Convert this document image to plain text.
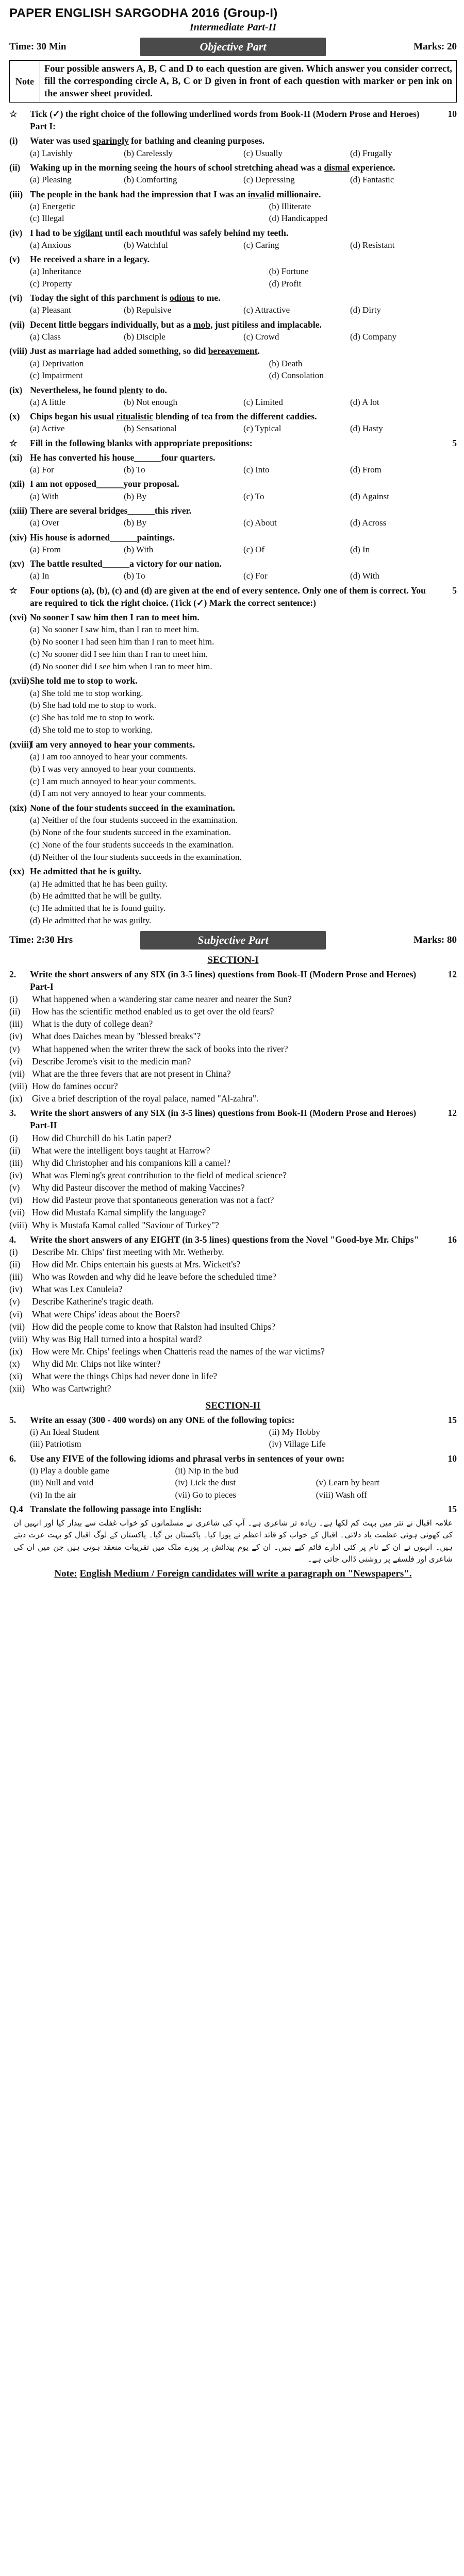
PAPER ENGLISH SARGODHA 2016 (Group-I)
Intermediate Part-II
Time: 30 Min	Objective Part	Marks: 20
Note
Four possible answers A, B, C and D to each question are given. Which answer you consider correct, fill the corresponding circle A, B, C or D given in front of each question with marker or pen ink on the answer sheet provided.
☆	Tick (✓) the right choice of the following underlined words from Book-II (Modern Prose and Heroes) Part I:
10
(i)	Water was used sparingly for bathing and cleaning purposes.
(a) Lavishly	(b) Carelessly	(c) Usually	(d) Frugally
(ii)	Waking up in the morning seeing the hours of school stretching ahead was a dismal experience.
(a) Pleasing	(b) Comforting	(c) Depressing	(d) Fantastic
(iii) The people in the bank had the impression that I was an invalid millionaire.
(a) Energetic	(b) Illiterate
(c) Illegal	(d) Handicapped
(iv) I had to be vigilant until each mouthful was safely behind my teeth.
(a) Anxious	(b) Watchful	(c) Caring	(d) Resistant
(v)	He received a share in a legacy.
(a) Inheritance	(b) Fortune
(c) Property	(d) Profit
(vi) Today the sight of this parchment is odious to me.
(a) Pleasant	(b) Repulsive	(c) Attractive	(d) Dirty
(vii) Decent little beggars individually, but as a mob, just pitiless and implacable.
(a) Class	(b) Disciple	(c) Crowd	(d) Company
(viii) Just as marriage had added something, so did bereavement.
(a) Deprivation	(b) Death
(c) Impairment	(d) Consolation
(ix) Nevertheless, he found plenty to do.
(a) A little	(b) Not enough	(c) Limited	(d) A lot
(x)	Chips began his usual ritualistic blending of tea from the different caddies.
(a) Active	(b) Sensational	(c) Typical	(d) Hasty
☆	Fill in the following blanks with appropriate prepositions:	5
(xi) He has converted his house______four quarters.
(a) For	(b) To	(c) Into	(d) From
(xii) I am not opposed______your proposal.
(a) With	(b) By	(c) To	(d) Against
(xiii) There are several bridges______this river.
(a) Over	(b) By	(c) About	(d) Across
(xiv) His house is adorned______paintings.
(a) From	(b) With	(c) Of	(d) In
(xv) The battle resulted______a victory for our nation.
(a) In	(b) To	(c) For	(d) With
☆	Four options (a), (b), (c) and (d) are given at the end of every sentence. Only one of them is correct. You are required to tick the right choice. (Tick (✓) Mark the correct sentence:)
5
(xvi) No sooner I saw him then I ran to meet him.
(a) No sooner I saw him, than I ran to meet him.
(b) No sooner I had seen him than I ran to meet him.
(c) No sooner did I see him than I ran to meet him.
(d) No sooner did I see him when I ran to meet him.
(xvii) She told me to stop to work.
(a) She told me to stop working.
(b) She had told me to stop to work.
(c) She has told me to stop to work.
(d) She told me to stop to working.
(xviii)
I am very annoyed to hear your comments.
(a) I am too annoyed to hear your comments.
(b) I was very annoyed to hear your comments.
(c) I am much annoyed to hear your comments.
(d) I am not very annoyed to hear your comments.
(xix) None of the four students succeed in the examination.
(a) Neither of the four students succeed in the examination.
(b) None of the four students succeed in the examination.
(c) None of the four students succeeds in the examination.
(d) Neither of the four students succeeds in the examination.
(xx) He admitted that he is guilty.
(a) He admitted that he has been guilty.
(b) He admitted that he will be guilty.
(c) He admitted that he is found guilty.
(d) He admitted that he was guilty.
Time: 2:30 Hrs	Subjective Part	Marks: 80
SECTION-I
2.	Write the short answers of any SIX (in 3-5 lines) questions from Book-II (Modern Prose and Heroes) Part-I
12
(i)	What happened when a wandering star came nearer and nearer the Sun?
(ii)	How has the scientific method enabled us to get over the old fears?
(iii)	What is the duty of college dean?
(iv)	What does Daiches mean by "blessed breaks"?
(v)	What happened when the writer threw the sack of books into the river?
(vi)	Describe Jerome's visit to the medicin man?
(vii) What are the three fevers that are not present in China?
(viii) How do famines occur?
(ix)	Give a brief description of the royal palace, named "Al-zahra".
3.	Write the short answers of any SIX (in 3-5 lines) questions from Book-II (Modern Prose and Heroes) Part-II
12
(i)	How did Churchill do his Latin paper?
(ii)	What were the intelligent boys taught at Harrow?
(iii)	Why did Christopher and his companions kill a camel?
(iv)	What was Fleming's great contribution to the field of medical science?
(v)	Why did Pasteur discover the method of making Vaccines?
(vi)	How did Pasteur prove that spontaneous generation was not a fact?
(vii) How did Mustafa Kamal simplify the language?
(viii) Why is Mustafa Kamal called "Saviour of Turkey"?
4.	Write the short answers of any EIGHT (in 3-5 lines) questions from the Novel "Good-bye Mr. Chips"	16
(i)	Describe Mr. Chips' first meeting with Mr. Wetherby.
(ii)	How did Mr. Chips entertain his guests at Mrs. Wickett's?
(iii)	Who was Rowden and why did he leave before the scheduled time?
(iv)	What was Lex Canuleia?
(v)	Describe Katherine's tragic death.
(vi)	What were Chips' ideas about the Boers?
(vii) How did the people come to know that Ralston had insulted Chips?
(viii) Why was Big Hall turned into a hospital ward?
(ix)	How were Mr. Chips' feelings when Chatteris read the names of the war victims?
(x)	Why did Mr. Chips not like winter?
(xi)	What were the things Chips had never done in life?
(xii) Who was Cartwright?
SECTION-II
5.	Write an essay (300 - 400 words) on any ONE of the following topics:	15
(i) An Ideal Student	(ii) My Hobby
(iii) Patriotism	(iv) Village Life
6.	Use any FIVE of the following idioms and phrasal verbs in sentences of your own:	10
(i) Play a double game	(ii) Nip in the bud
(iii) Null and void	(iv) Lick the dust	(v) Learn by heart
(vi) In the air	(vii) Go to pieces	(viii) Wash off
Q.4 Translate the following passage into English:	15
علامہ اقبال نے نثر میں بہت کم لکھا ہے۔ زیادہ تر شاعری ہے۔ آپ کی شاعری نے مسلمانوں کو خواب غفلت سے بیدار کیا اور انہیں ان کی کھوئی ہوئی عظمت یاد دلائی۔ اقبال کے خواب کو قائد اعظم نے پورا کیا۔ پاکستان بن گیا۔ پاکستان کے لوگ اقبال کو بہت عزت دیتے ہیں۔ انہوں نے ان کے نام پر کئی ادارے قائم کیے ہیں۔ ان کے یوم پیدائش پر پورے ملک میں تقریبات منعقد ہوتی ہیں جن میں ان کی شاعری اور فلسفے پر روشنی ڈالی جاتی ہے۔
Note: English Medium / Foreign candidates will write a paragraph on "Newspapers".
